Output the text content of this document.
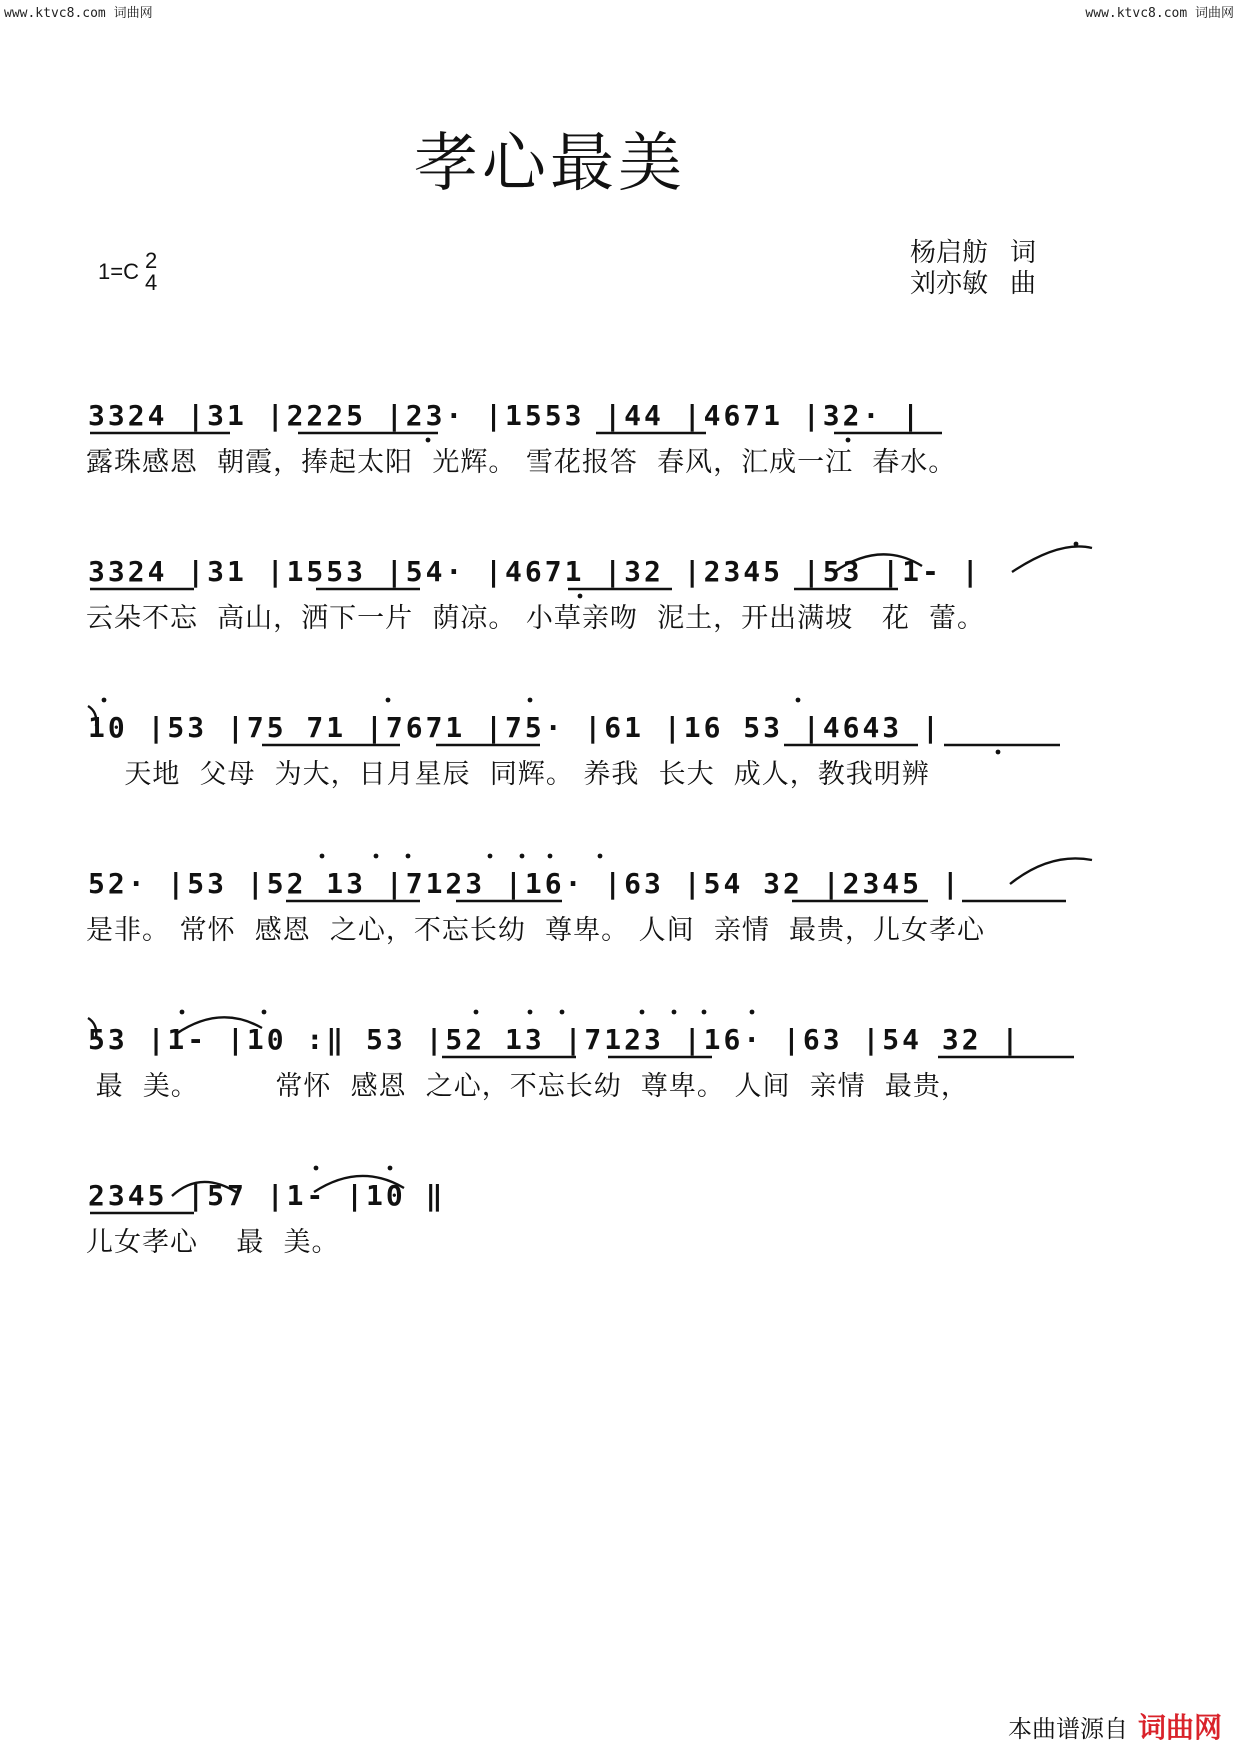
www.ktvc8.com 词曲网	www.ktvc8.com 词曲网
孝心最美
1=C 2
4
杨启舫 词
刘亦敏 曲
3324 |31 |2225 |23· |1553 |44 |4671 |32· |
露珠感恩  朝霞，捧起太阳  光辉。 雪花报答  春风，汇成一江  春水。
3324 |31 |1553 |54· |4671 |32 |2345 |53 |1- |
云朵不忘  高山，洒下一片  荫凉。 小草亲吻  泥土，开出满坡   花  蕾。
10 |53 |75 71 |7671 |75· |61 |16 53 |4643 |
天地  父母  为大，日月星辰  同辉。 养我  长大  成人，教我明辨
52· |53 |52 13 |7123 |16· |63 |54 32 |2345 |
是非。 常怀  感恩  之心，不忘长幼  尊卑。 人间  亲情  最贵，儿女孝心
53 |1- |10 :‖ 53 |52 13 |7123 |16· |63 |54 32 |
最  美。        常怀  感恩  之心，不忘长幼  尊卑。 人间  亲情  最贵，
2345 |57 |1- |10 ‖
儿女孝心    最  美。
本曲谱源自 词曲网
